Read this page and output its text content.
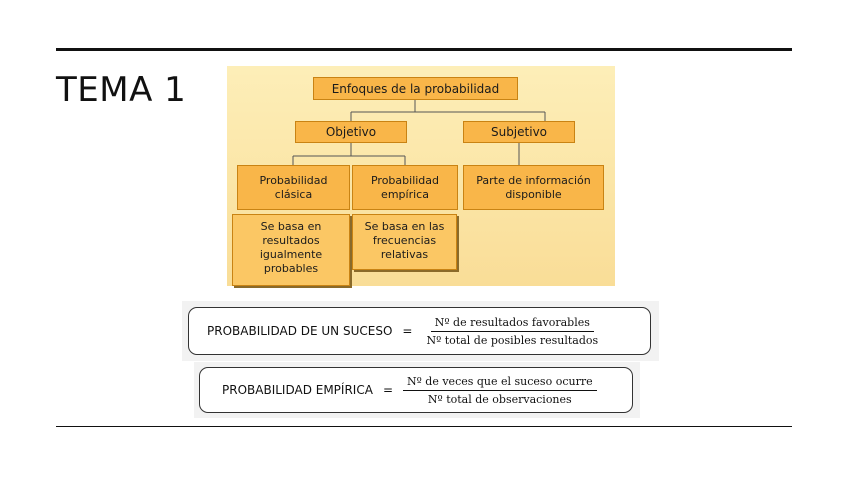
TEMA 1	Enfoques de la probabilidad
Objetivo	Subjetivo
Probabilidad clásica
Probabilidad empírica
Parte de información disponible
Se basa en resultados igualmente probables
Se basa en las frecuencias relativas
PROBABILIDAD DE UN SUCESO = $\frac{\text{Nº de resultados favorables}}{\text{Nº total de posibles resultados}}$
PROBABILIDAD EMPÍRICA = $\frac{\text{Nº de veces que el suceso ocurre}}{\text{Nº total de observaciones}}$
